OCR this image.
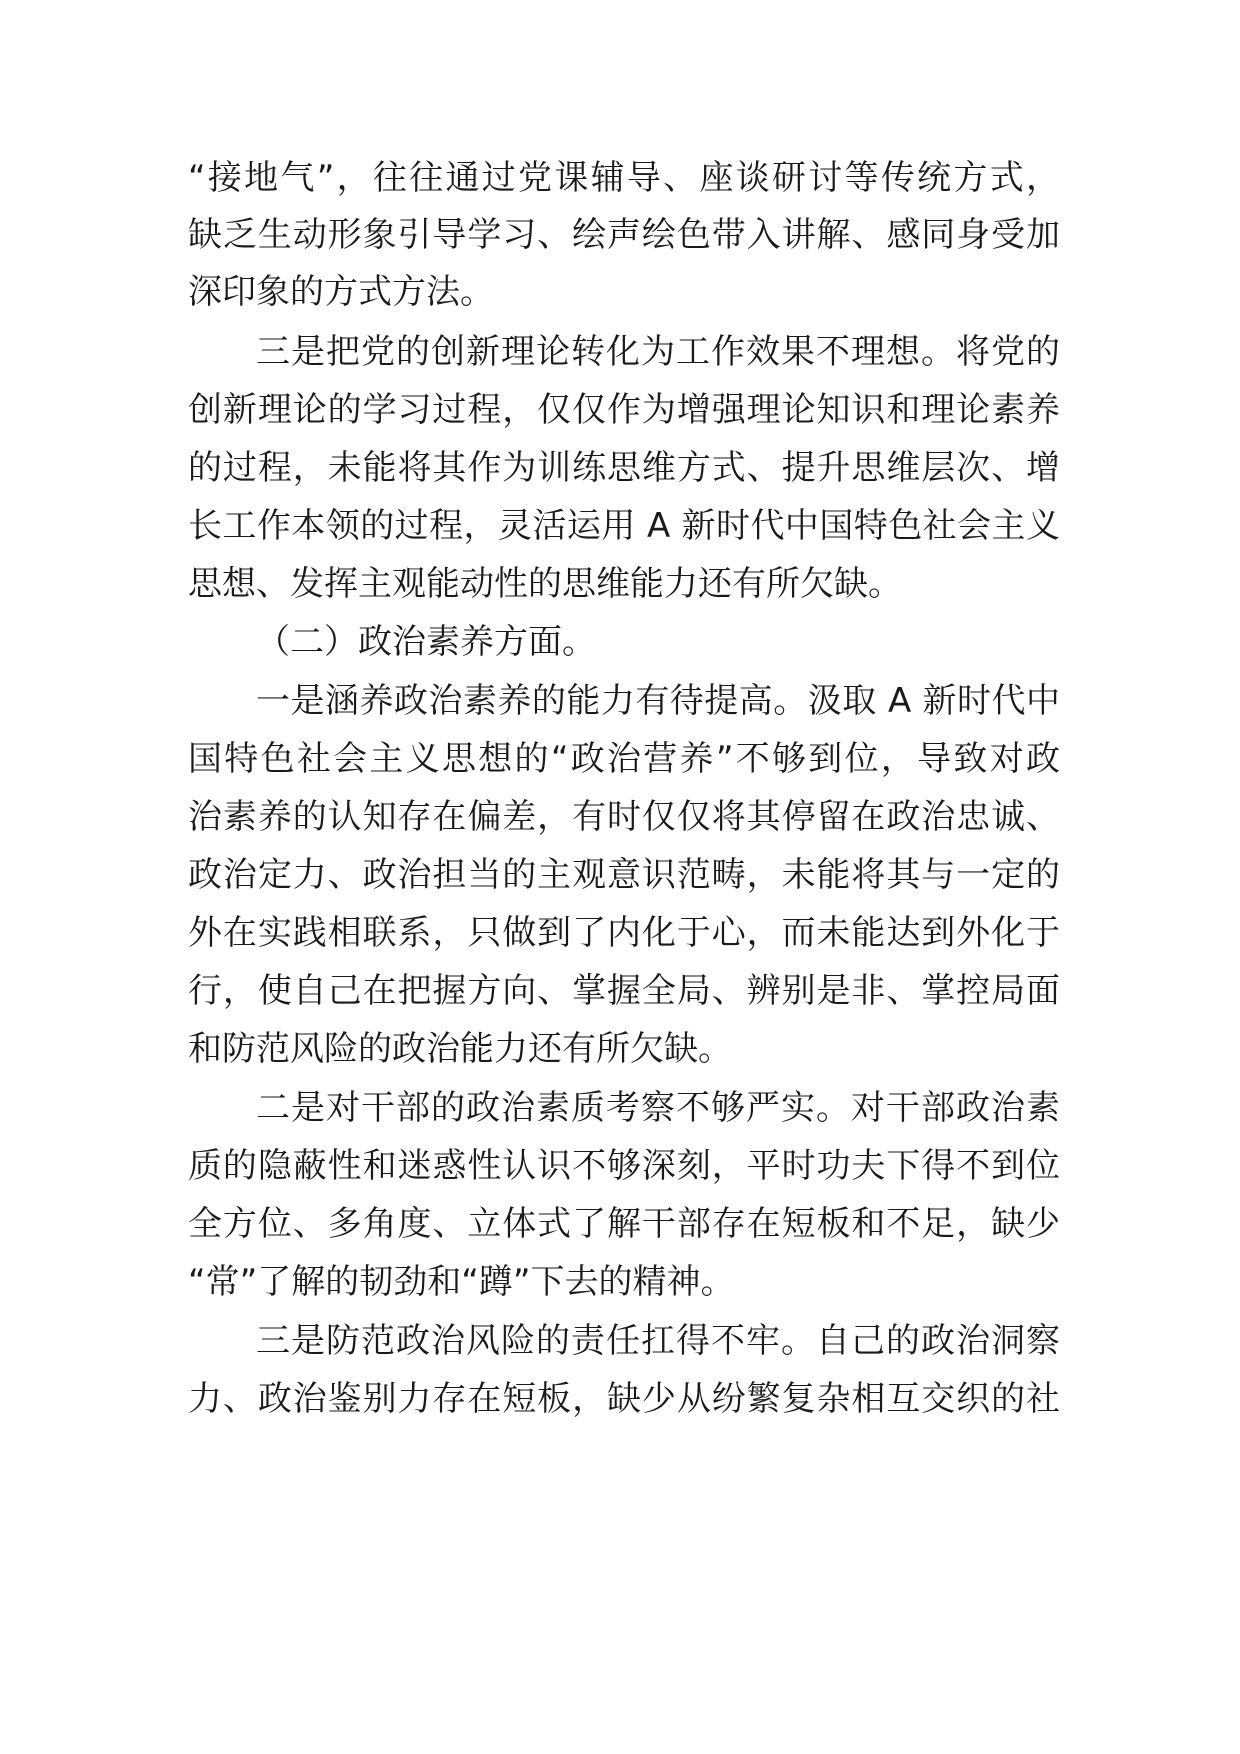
“接地气”，往往通过党课辅导、座谈研讨等传统方式，
缺乏生动形象引导学习、绘声绘色带入讲解、感同身受加
深印象的方式方法。
三是把党的创新理论转化为工作效果不理想。将党的
创新理论的学习过程，仅仅作为增强理论知识和理论素养
的过程，未能将其作为训练思维方式、提升思维层次、增
长工作本领的过程，灵活运用 A 新时代中国特色社会主义
思想、发挥主观能动性的思维能力还有所欠缺。
（二）政治素养方面。
一是涵养政治素养的能力有待提高。汲取 A 新时代中
国特色社会主义思想的“政治营养”不够到位，导致对政
治素养的认知存在偏差，有时仅仅将其停留在政治忠诚、
政治定力、政治担当的主观意识范畴，未能将其与一定的
外在实践相联系，只做到了内化于心，而未能达到外化于
行，使自己在把握方向、掌握全局、辨别是非、掌控局面
和防范风险的政治能力还有所欠缺。
二是对干部的政治素质考察不够严实。对干部政治素
质的隐蔽性和迷惑性认识不够深刻，平时功夫下得不到位
全方位、多角度、立体式了解干部存在短板和不足，缺少
“常”了解的韧劲和“蹲”下去的精神。
三是防范政治风险的责任扛得不牢。自己的政治洞察
力、政治鉴别力存在短板，缺少从纷繁复杂相互交织的社
